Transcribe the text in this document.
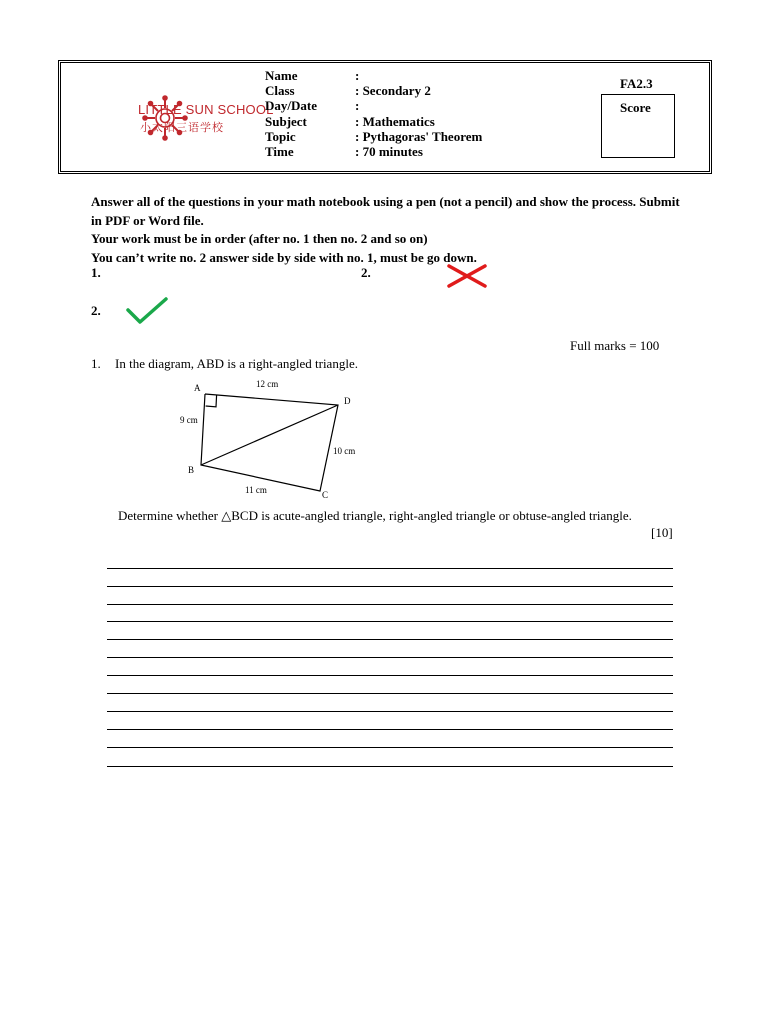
LITTLE SUN SCHOOL
小太阳三语学校
Name	:
Class	: Secondary 2
Day/Date	:
Subject	: Mathematics
Topic	: Pythagoras' Theorem
Time	: 70 minutes
FA2.3
Score
Answer all of the questions in your math notebook using a pen (not a pencil) and show the process. Submit in PDF or Word file.
Your work must be in order (after no. 1 then no. 2 and so on)
You can’t write no. 2 answer side by side with no. 1, must be go down.
1.	2.
2.
Full marks = 100
1. In the diagram, ABD is a right-angled triangle.
A
D
B
C
12 cm
9 cm
10 cm
11 cm
Determine whether △BCD is acute-angled triangle, right-angled triangle or obtuse-angled triangle.
[10]
